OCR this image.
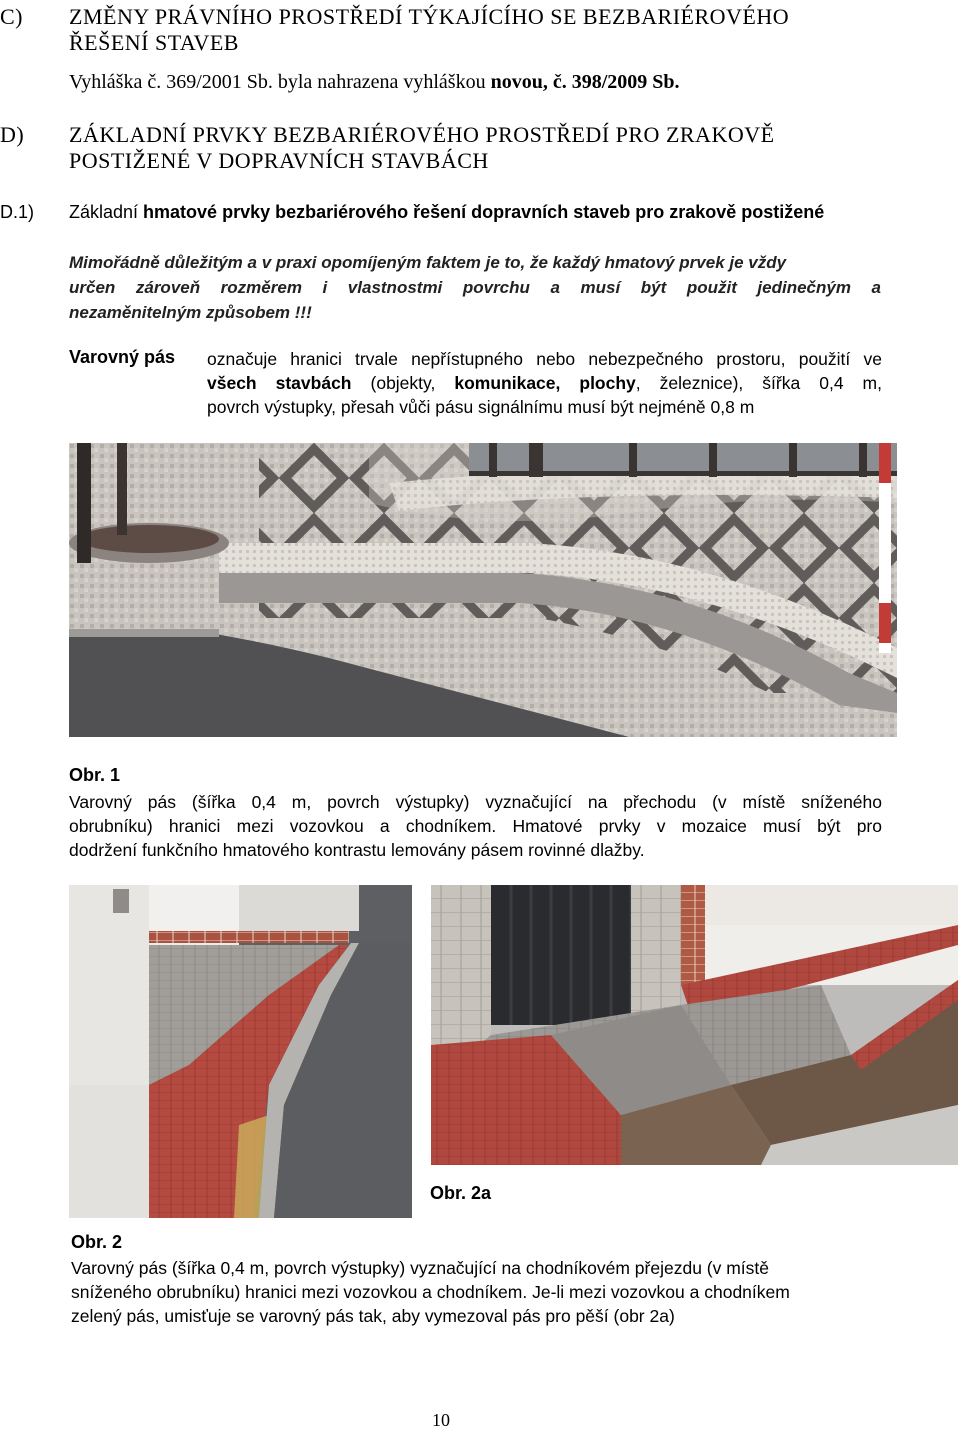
C) ZMĚNY PRÁVNÍHO PROSTŘEDÍ TÝKAJÍCÍHO SE BEZBARIÉROVÉHO
ŘEŠENÍ STAVEB
Vyhláška č. 369/2001 Sb. byla nahrazena vyhláškou novou, č. 398/2009 Sb.
D) ZÁKLADNÍ PRVKY BEZBARIÉROVÉHO PROSTŘEDÍ PRO ZRAKOVĚ
POSTIŽENÉ V DOPRAVNÍCH STAVBÁCH
D.1) Základní hmatové prvky bezbariérového řešení dopravních staveb pro zrakově postižené
Mimořádně důležitým a v praxi opomíjeným faktem je to, že každý hmatový prvek je vždy
určen zároveň rozměrem i vlastnostmi povrchu a musí být použit jedinečným a
nezaměnitelným způsobem !!!
Varovný pás označuje hranici trvale nepřístupného nebo nebezpečného prostoru, použití ve
všech stavbách (objekty, komunikace, plochy, železnice), šířka 0,4 m,
povrch výstupky, přesah vůči pásu signálnímu musí být nejméně 0,8 m
Obr. 1
Varovný pás (šířka 0,4 m, povrch výstupky) vyznačující na přechodu (v místě sníženého
obrubníku) hranici mezi vozovkou a chodníkem. Hmatové prvky v mozaice musí být pro
dodržení funkčního hmatového kontrastu lemovány pásem rovinné dlažby.
Obr. 2a
Obr. 2
Varovný pás (šířka 0,4 m, povrch výstupky) vyznačující na chodníkovém přejezdu (v místě
sníženého obrubníku) hranici mezi vozovkou a chodníkem. Je-li mezi vozovkou a chodníkem
zelený pás, umisťuje se varovný pás tak, aby vymezoval pás pro pěší (obr 2a)
10
